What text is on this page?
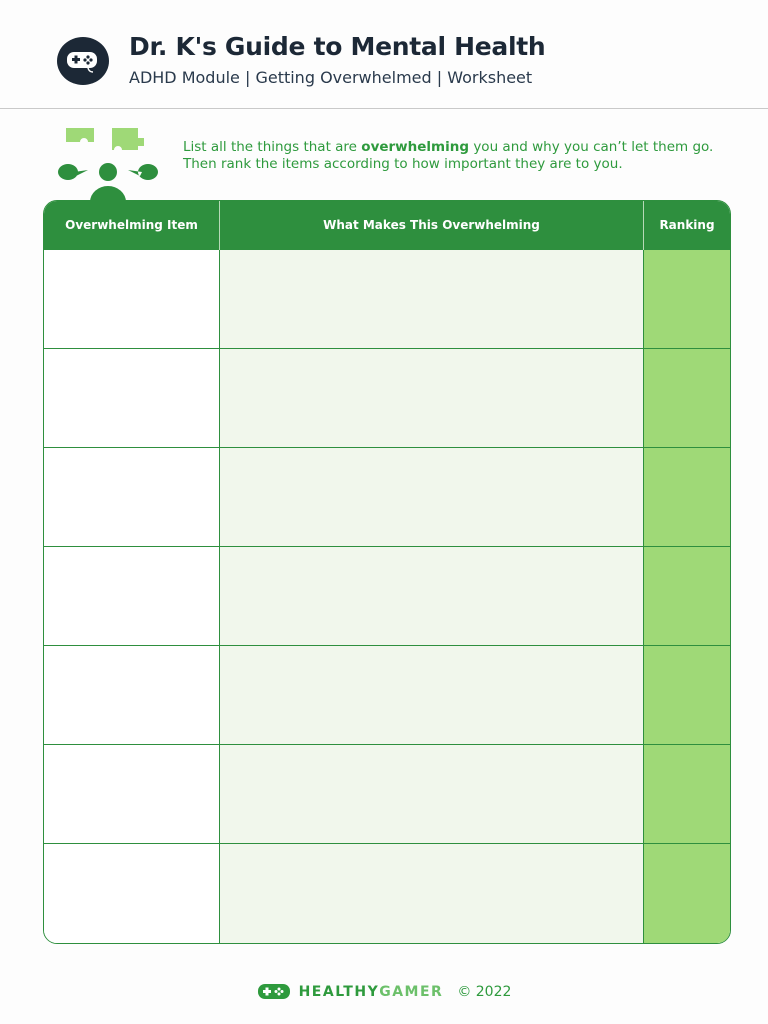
Dr. K's Guide to Mental Health
ADHD Module | Getting Overwhelmed | Worksheet
List all the things that are overwhelming you and why you can’t let them go. Then rank the items according to how important they are to you.
Overwhelming Item	What Makes This Overwhelming	Ranking
HEALTHYGAMER © 2022
